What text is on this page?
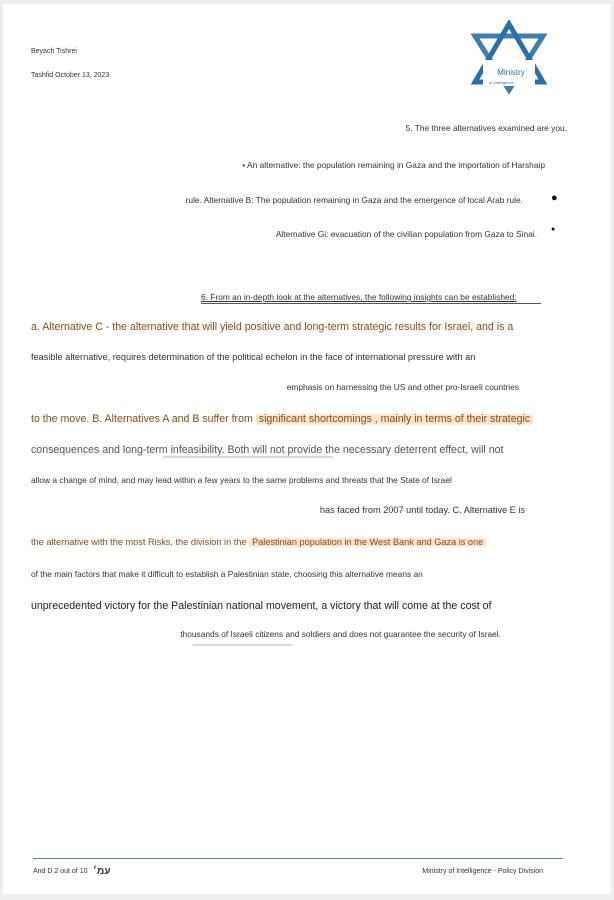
Beyach Tishrei
Tashfid October 13, 2023	Ministry
of Intelligence
5. The three alternatives examined are you.
• An alternative: the population remaining in Gaza and the importation of Harshaip
rule. Alternative B: The population remaining in Gaza and the emergence of local Arab rule.	●
Alternative Gi: evacuation of the civilian population from Gaza to Sinai. ●
6. From an in-depth look at the alternatives, the following insights can be established:
a. Alternative C - the alternative that will yield positive and long-term strategic results for Israel, and is a
feasible alternative, requires determination of the political echelon in the face of international pressure with an
emphasis on harnessing the US and other pro-Israeli countries
to the move. B. Alternatives A and B suffer from significant shortcomings , mainly in terms of their strategic
consequences and long-term infeasibility. Both will not provide the necessary deterrent effect, will not
allow a change of mind, and may lead within a few years to the same problems and threats that the State of Israel
has faced from 2007 until today. C. Alternative E is
the alternative with the most Risks, the division in the Palestinian population in the West Bank and Gaza is one
of the main factors that make it difficult to establish a Palestinian state, choosing this alternative means an
unprecedented victory for the Palestinian national movement, a victory that will come at the cost of
thousands of Israeli citizens and soldiers and does not guarantee the security of Israel.
And D 2 out of 10 עמ׳	Ministry of Intelligence - Policy Division
